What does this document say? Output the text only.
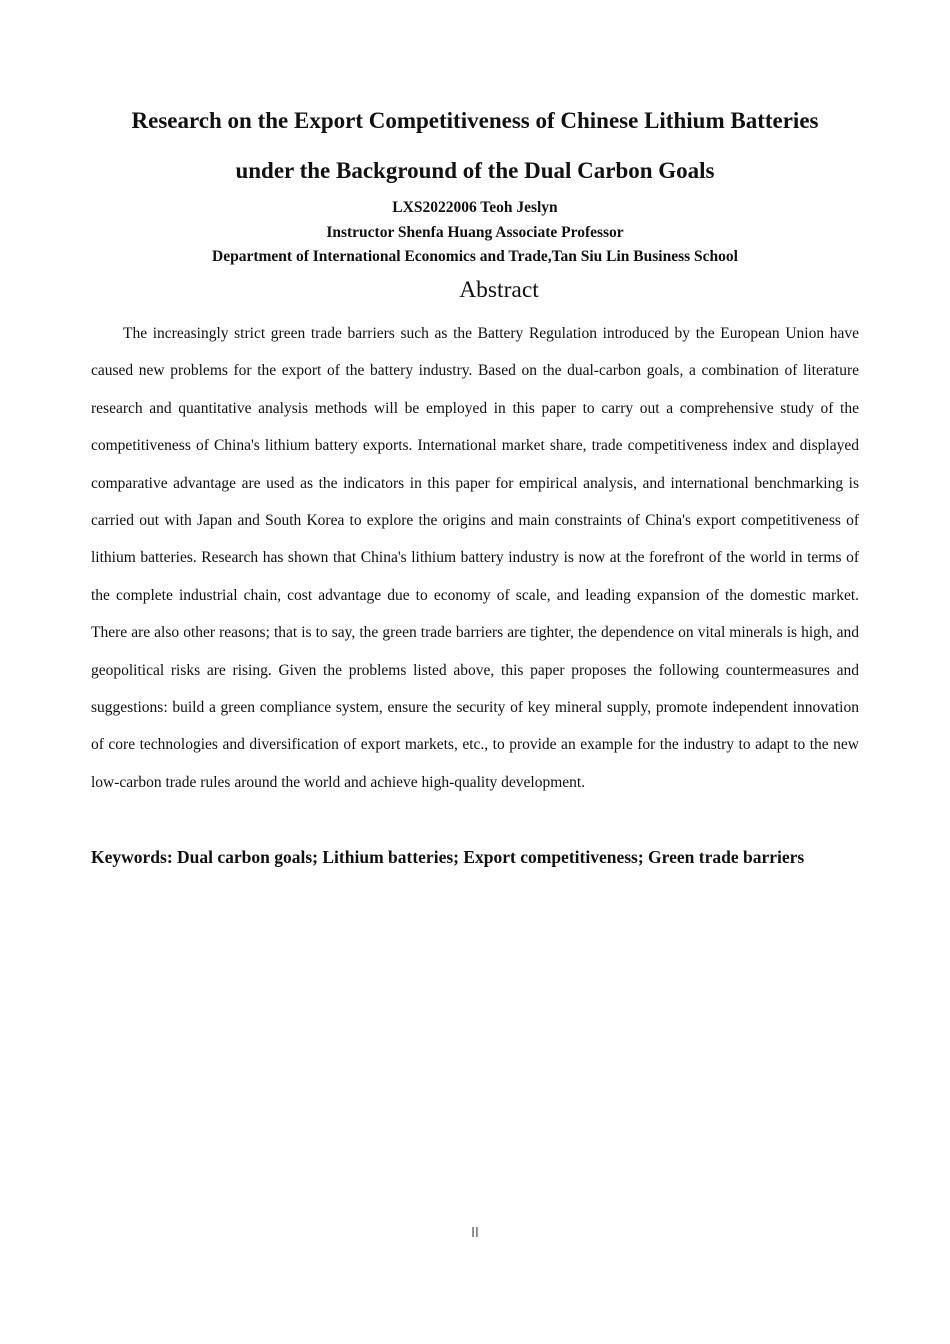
Research on the Export Competitiveness of Chinese Lithium Batteries
under the Background of the Dual Carbon Goals
LXS2022006 Teoh Jeslyn
Instructor Shenfa Huang Associate Professor
Department of International Economics and Trade,Tan Siu Lin Business School
Abstract

The increasingly strict green trade barriers such as the Battery Regulation introduced by the European Union have caused new problems for the export of the battery industry. Based on the dual-carbon goals, a combination of literature research and quantitative analysis methods will be employed in this paper to carry out a comprehensive study of the competitiveness of China's lithium battery exports. International market share, trade competitiveness index and displayed comparative advantage are used as the indicators in this paper for empirical analysis, and international benchmarking is carried out with Japan and South Korea to explore the origins and main constraints of China's export competitiveness of lithium batteries. Research has shown that China's lithium battery industry is now at the forefront of the world in terms of the complete industrial chain, cost advantage due to economy of scale, and leading expansion of the domestic market. There are also other reasons; that is to say, the green trade barriers are tighter, the dependence on vital minerals is high, and geopolitical risks are rising. Given the problems listed above, this paper proposes the following countermeasures and suggestions: build a green compliance system, ensure the security of key mineral supply, promote independent innovation of core technologies and diversification of export markets, etc., to provide an example for the industry to adapt to the new low-carbon trade rules around the world and achieve high-quality development.

Keywords: Dual carbon goals; Lithium batteries; Export competitiveness; Green trade barriers

II
